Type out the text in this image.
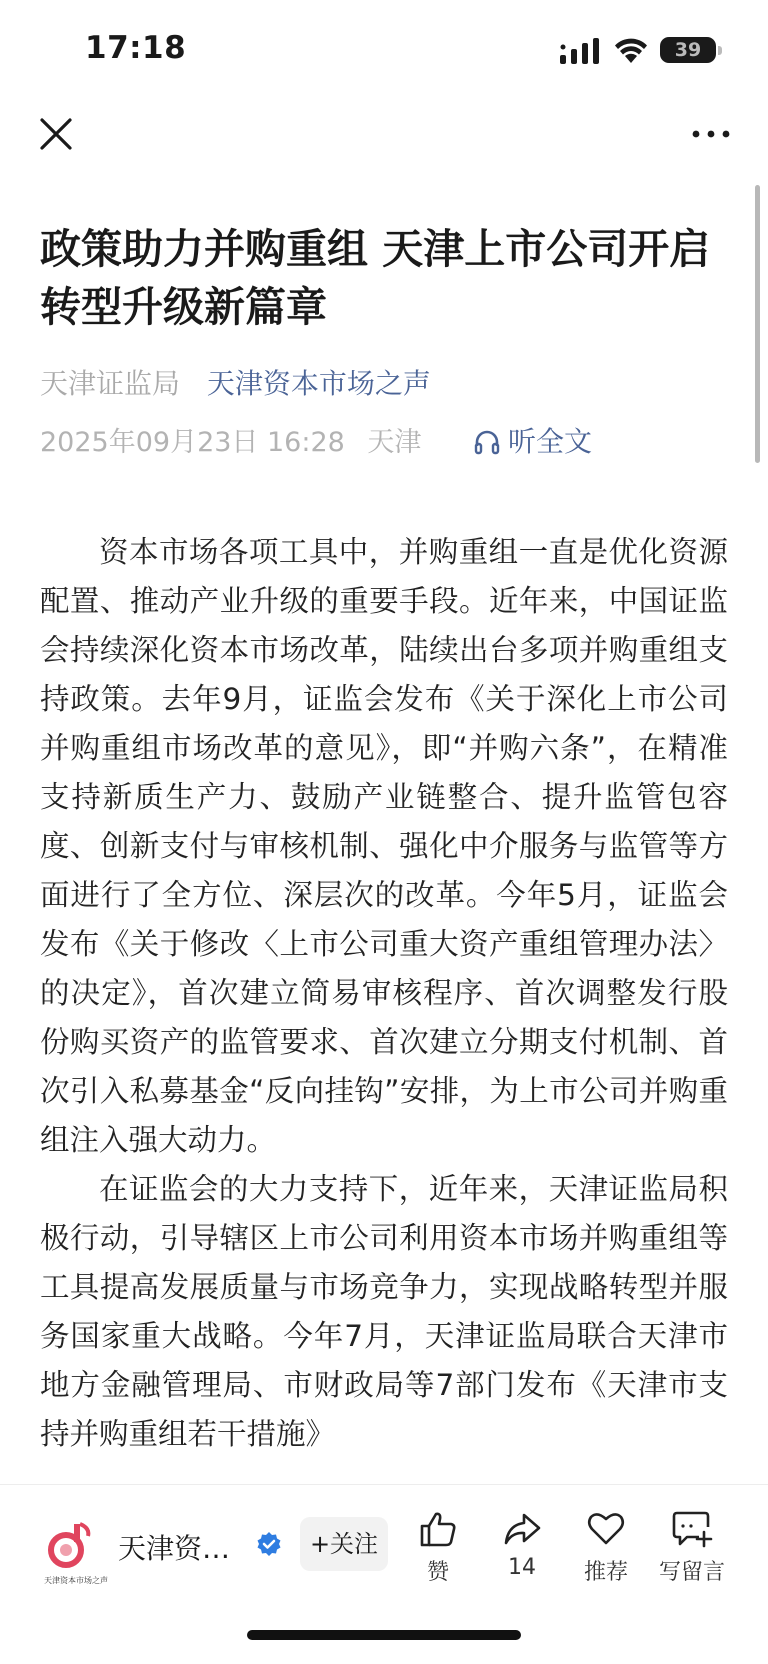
17:18	39
政策助力并购重组 天津上市公司开启转型升级新篇章
天津证监局 天津资本市场之声
2025年09月23日 16:28 天津	听全文

资本市场各项工具中，并购重组一直是优化资源配置、推动产业升级的重要手段。近年来，中国证监会持续深化资本市场改革，陆续出台多项并购重组支持政策。去年9月，证监会发布《关于深化上市公司并购重组市场改革的意见》，即“并购六条”，在精准支持新质生产力、鼓励产业链整合、提升监管包容度、创新支付与审核机制、强化中介服务与监管等方面进行了全方位、深层次的改革。今年5月，证监会发布《关于修改〈上市公司重大资产重组管理办法〉的决定》，首次建立简易审核程序、首次调整发行股份购买资产的监管要求、首次建立分期支付机制、首次引入私募基金“反向挂钩”安排，为上市公司并购重组注入强大动力。

在证监会的大力支持下，近年来，天津证监局积极行动，引导辖区上市公司利用资本市场并购重组等工具提高发展质量与市场竞争力，实现战略转型并服务国家重大战略。今年7月，天津证监局联合天津市地方金融管理局、市财政局等7部门发布《天津市支持并购重组若干措施》

天津资本市场之声
天津资…	+关注
赞	14	推荐	写留言
